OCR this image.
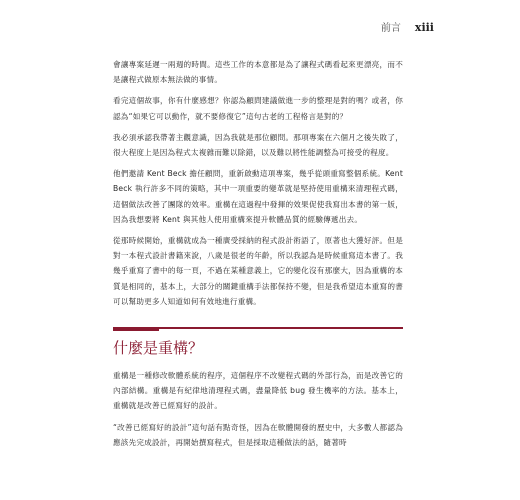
前言 xiii

會讓專案延遲一兩週的時間。這些工作的本意都是為了讓程式碼看起來更漂亮，而不是讓程式做原本無法做的事情。

看完這個故事，你有什麼感想？你認為顧問建議做進一步的整理是對的嗎？或者，你認為“如果它可以動作，就不要修復它”這句古老的工程格言是對的？

我必須承認我帶著主觀意識，因為我就是那位顧問。那項專案在六個月之後失敗了，很大程度上是因為程式太複雜而難以除錯，以及難以將性能調整為可接受的程度。

他們邀請 Kent Beck 擔任顧問，重新啟動這項專案，幾乎從頭重寫整個系統。Kent Beck 執行許多不同的策略，其中一項重要的變革就是堅持使用重構來清理程式碼，這個做法改善了團隊的效率。重構在這過程中發揮的效果促使我寫出本書的第一版，因為我想要將 Kent 與其他人使用重構來提升軟體品質的經驗傳遞出去。

從那時候開始，重構就成為一種廣受採納的程式設計術語了，原著也大獲好評。但是對一本程式設計書籍來說，八歲是很老的年齡，所以我認為是時候重寫這本書了。我幾乎重寫了書中的每一頁，不過在某種意義上，它的變化沒有那麼大，因為重構的本質是相同的，基本上，大部分的關鍵重構手法都保持不變，但是我希望這本重寫的書可以幫助更多人知道如何有效地進行重構。

什麼是重構？

重構是一種修改軟體系統的程序，這個程序不改變程式碼的外部行為，而是改善它的內部結構。重構是有紀律地清理程式碼，盡量降低 bug 發生機率的方法。基本上，重構就是改善已經寫好的設計。

“改善已經寫好的設計”這句話有點奇怪，因為在軟體開發的歷史中，大多數人都認為應該先完成設計，再開始撰寫程式，但是採取這種做法的話，隨著時
